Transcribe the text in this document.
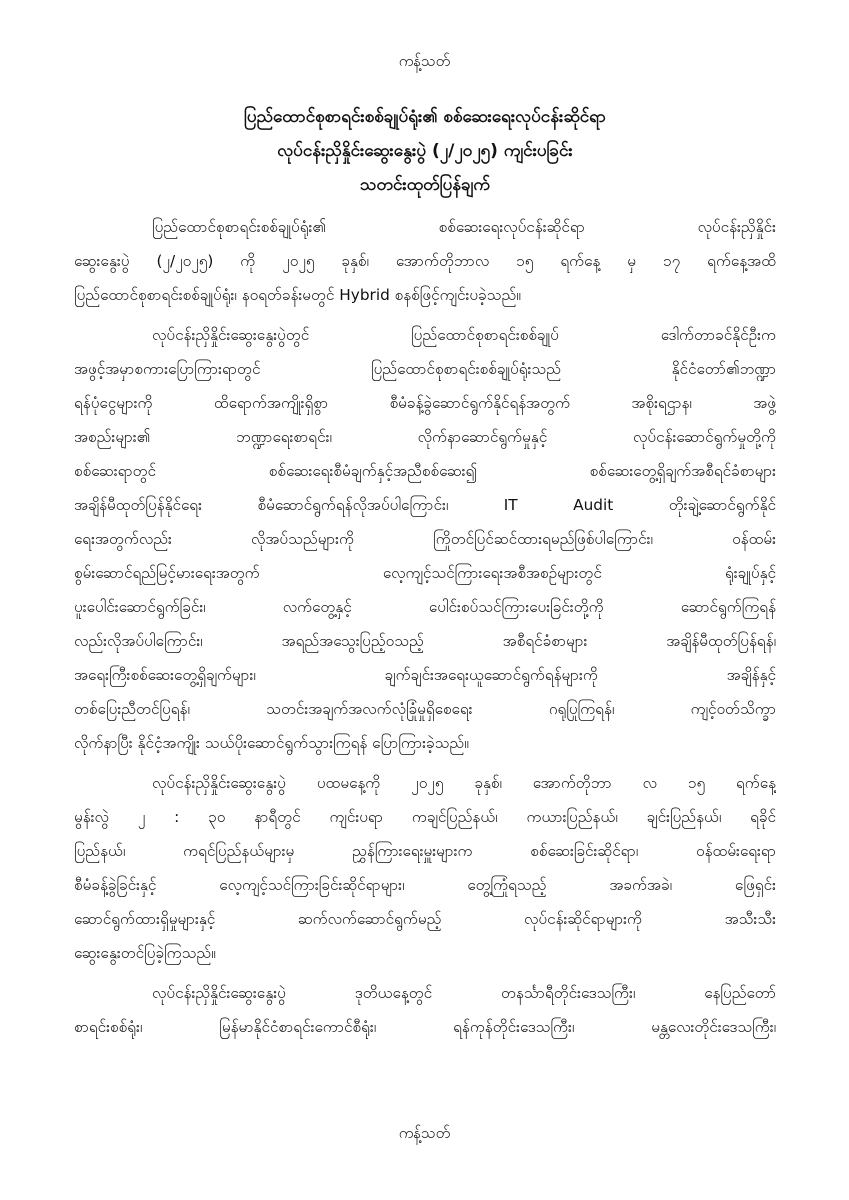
ကန့်သတ်
ပြည်ထောင်စုစာရင်းစစ်ချုပ်ရုံး၏ စစ်ဆေးရေးလုပ်ငန်းဆိုင်ရာ
လုပ်ငန်းညှိနှိုင်းဆွေးနွေးပွဲ (၂/၂၀၂၅) ကျင်းပခြင်း
သတင်းထုတ်ပြန်ချက်
ပြည်ထောင်စုစာရင်းစစ်ချုပ်ရုံး၏ စစ်ဆေးရေးလုပ်ငန်းဆိုင်ရာ လုပ်ငန်းညှိနှိုင်း
ဆွေးနွေးပွဲ (၂/၂၀၂၅) ကို ၂၀၂၅ ခုနှစ်၊ အောက်တိုဘာလ ၁၅ ရက်နေ့ မှ ၁၇ ရက်နေ့အထိ
ပြည်ထောင်စုစာရင်းစစ်ချုပ်ရုံး၊ နဝရတ်ခန်းမတွင် Hybrid စနစ်ဖြင့်ကျင်းပခဲ့သည်။
လုပ်ငန်းညှိနှိုင်းဆွေးနွေးပွဲတွင် ပြည်ထောင်စုစာရင်းစစ်ချုပ် ဒေါက်တာခင်နိုင်ဦးက
အဖွင့်အမှာစကားပြောကြားရာတွင် ပြည်ထောင်စုစာရင်းစစ်ချုပ်ရုံးသည် နိုင်ငံတော်၏ဘဏ္ဍာ
ရန်ပုံငွေများကို ထိရောက်အကျိုးရှိစွာ စီမံခန့်ခွဲဆောင်ရွက်နိုင်ရန်အတွက် အစိုးရဌာန၊ အဖွဲ့
အစည်းများ၏ ဘဏ္ဍာရေးစာရင်း၊ လိုက်နာဆောင်ရွက်မှုနှင့် လုပ်ငန်းဆောင်ရွက်မှုတို့ကို
စစ်ဆေးရာတွင် စစ်ဆေးရေးစီမံချက်နှင့်အညီစစ်ဆေး၍ စစ်ဆေးတွေ့ရှိချက်အစီရင်ခံစာများ
အချိန်မီထုတ်ပြန်နိုင်ရေး စီမံဆောင်ရွက်ရန်လိုအပ်ပါကြောင်း၊ IT Audit တိုးချဲ့ဆောင်ရွက်နိုင်
ရေးအတွက်လည်း လိုအပ်သည်များကို ကြိုတင်ပြင်ဆင်ထားရမည်ဖြစ်ပါကြောင်း၊ ဝန်ထမ်း
စွမ်းဆောင်ရည်မြင့်မားရေးအတွက် လေ့ကျင့်သင်ကြားရေးအစီအစဉ်များတွင် ရုံးချုပ်နှင့်
ပူးပေါင်းဆောင်ရွက်ခြင်း၊ လက်တွေ့နှင့် ပေါင်းစပ်သင်ကြားပေးခြင်းတို့ကို ဆောင်ရွက်ကြရန်
လည်းလိုအပ်ပါကြောင်း၊ အရည်အသွေးပြည့်ဝသည့် အစီရင်ခံစာများ အချိန်မီထုတ်ပြန်ရန်၊
အရေးကြီးစစ်ဆေးတွေ့ရှိချက်များ၊ ချက်ချင်းအရေးယူဆောင်ရွက်ရန်များကို အချိန်နှင့်
တစ်ပြေးညီတင်ပြရန်၊ သတင်းအချက်အလက်လုံခြုံမှုရှိစေရေး ဂရုပြုကြရန်၊ ကျင့်ဝတ်သိက္ခာ
လိုက်နာပြီး နိုင်ငံ့အကျိုး သယ်ပိုးဆောင်ရွက်သွားကြရန် ပြောကြားခဲ့သည်။
လုပ်ငန်းညှိနှိုင်းဆွေးနွေးပွဲ ပထမနေ့ကို ၂၀၂၅ ခုနှစ်၊ အောက်တိုဘာ လ ၁၅ ရက်နေ့
မွန်းလွဲ ၂ : ၃၀ နာရီတွင် ကျင်းပရာ ကချင်ပြည်နယ်၊ ကယားပြည်နယ်၊ ချင်းပြည်နယ်၊ ရခိုင်
ပြည်နယ်၊ ကရင်ပြည်နယ်များမှ ညွှန်ကြားရေးမှူးများက စစ်ဆေးခြင်းဆိုင်ရာ၊ ဝန်ထမ်းရေးရာ
စီမံခန့်ခွဲခြင်းနှင့် လေ့ကျင့်သင်ကြားခြင်းဆိုင်ရာများ၊ တွေ့ကြုံရသည့် အခက်အခဲ၊ ဖြေရှင်း
ဆောင်ရွက်ထားရှိမှုများနှင့် ဆက်လက်ဆောင်ရွက်မည့် လုပ်ငန်းဆိုင်ရာများကို အသီးသီး
ဆွေးနွေးတင်ပြခဲ့ကြသည်။
လုပ်ငန်းညှိနှိုင်းဆွေးနွေးပွဲ ဒုတိယနေ့တွင် တနင်္သာရီတိုင်းဒေသကြီး၊ နေပြည်တော်
စာရင်းစစ်ရုံး၊ မြန်မာနိုင်ငံစာရင်းကောင်စီရုံး၊ ရန်ကုန်တိုင်းဒေသကြီး၊ မန္တလေးတိုင်းဒေသကြီး၊
ကန့်သတ်
